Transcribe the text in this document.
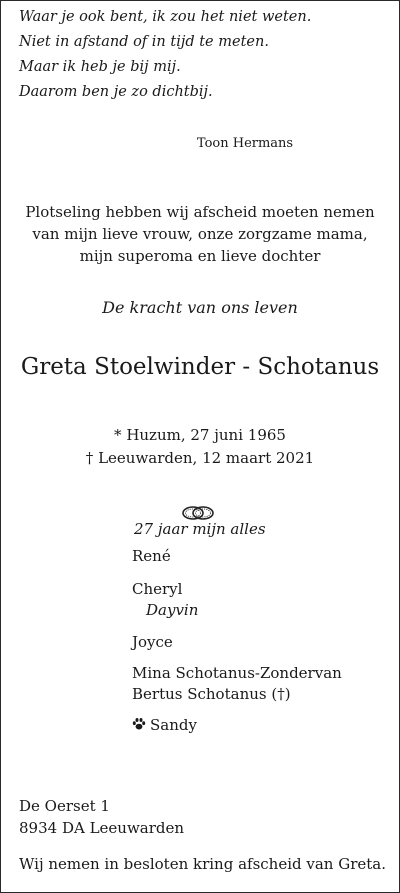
Waar je ook bent, ik zou het niet weten.
Niet in afstand of in tijd te meten.
Maar ik heb je bij mij.
Daarom ben je zo dichtbij.
Toon Hermans
Plotseling hebben wij afscheid moeten nemen
van mijn lieve vrouw, onze zorgzame mama,
mijn superoma en lieve dochter
De kracht van ons leven
Greta Stoelwinder - Schotanus
* Huzum, 27 juni 1965
† Leeuwarden, 12 maart 2021
27 jaar mijn alles
René
Cheryl
Dayvin
Joyce
Mina Schotanus-Zondervan
Bertus Schotanus (†)
Sandy
De Oerset 1
8934 DA Leeuwarden
Wij nemen in besloten kring afscheid van Greta.
